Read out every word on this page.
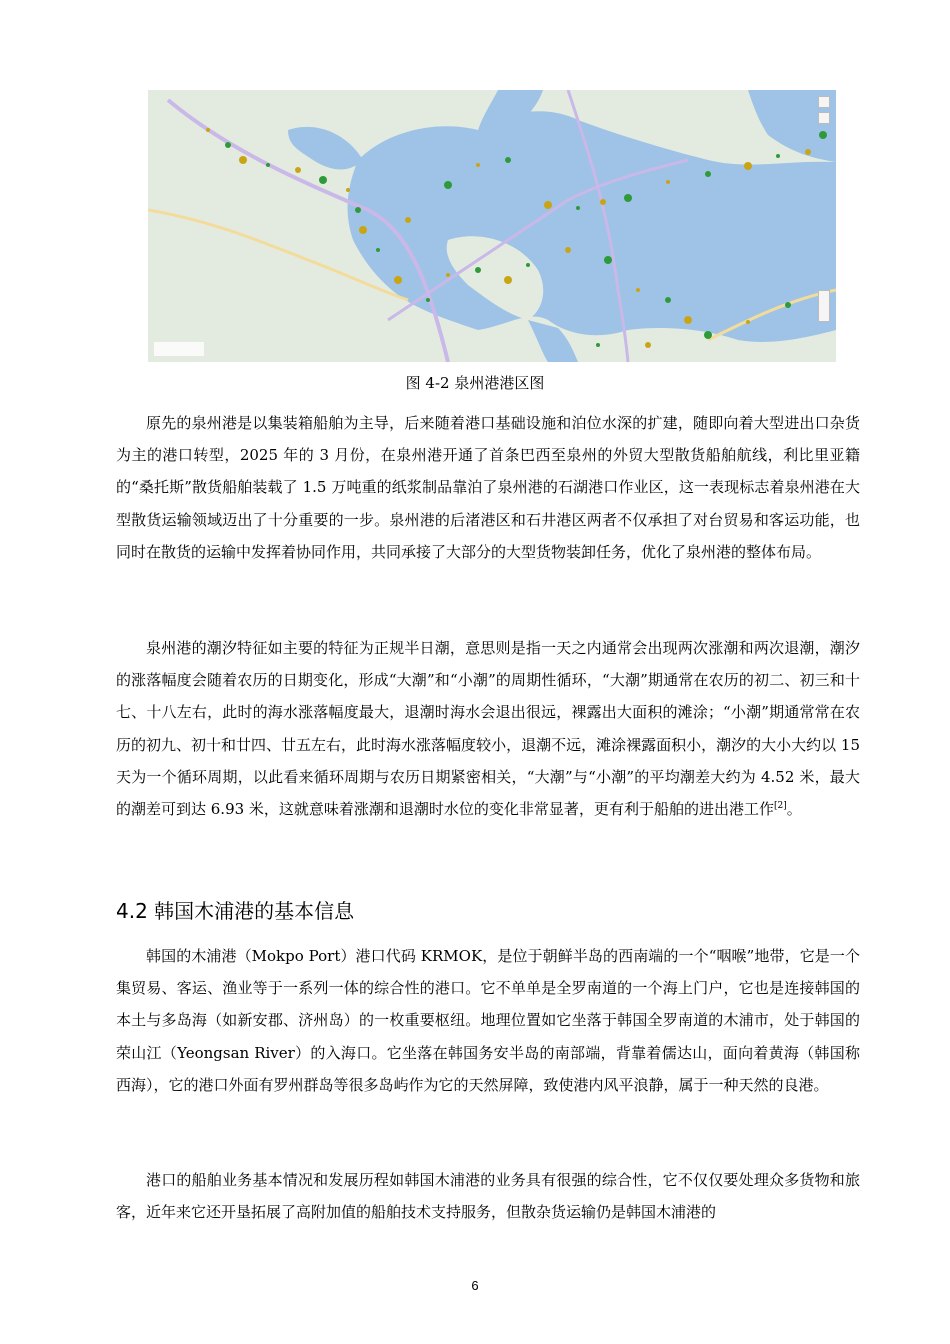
图 4-2 泉州港港区图

原先的泉州港是以集装箱船舶为主导，后来随着港口基础设施和泊位水深的扩建，随即向着大型进出口杂货为主的港口转型，2025 年的 3 月份，在泉州港开通了首条巴西至泉州的外贸大型散货船舶航线，利比里亚籍的“桑托斯”散货船舶装载了 1.5 万吨重的纸浆制品靠泊了泉州港的石湖港口作业区，这一表现标志着泉州港在大型散货运输领域迈出了十分重要的一步。泉州港的后渚港区和石井港区两者不仅承担了对台贸易和客运功能，也同时在散货的运输中发挥着协同作用，共同承接了大部分的大型货物装卸任务，优化了泉州港的整体布局。

泉州港的潮汐特征如主要的特征为正规半日潮，意思则是指一天之内通常会出现两次涨潮和两次退潮，潮汐的涨落幅度会随着农历的日期变化，形成“大潮”和“小潮”的周期性循环，“大潮”期通常在农历的初二、初三和十七、十八左右，此时的海水涨落幅度最大，退潮时海水会退出很远，裸露出大面积的滩涂；“小潮”期通常常在农历的初九、初十和廿四、廿五左右，此时海水涨落幅度较小，退潮不远，滩涂裸露面积小，潮汐的大小大约以 15 天为一个循环周期，以此看来循环周期与农历日期紧密相关，“大潮”与“小潮”的平均潮差大约为 4.52 米，最大的潮差可到达 6.93 米，这就意味着涨潮和退潮时水位的变化非常显著，更有利于船舶的进出港工作[2]。

4.2 韩国木浦港的基本信息

韩国的木浦港（Mokpo Port）港口代码 KRMOK，是位于朝鲜半岛的西南端的一个“咽喉”地带，它是一个集贸易、客运、渔业等于一系列一体的综合性的港口。它不单单是全罗南道的一个海上门户，它也是连接韩国的本土与多岛海（如新安郡、济州岛）的一枚重要枢纽。地理位置如它坐落于韩国全罗南道的木浦市，处于韩国的荣山江（Yeongsan River）的入海口。它坐落在韩国务安半岛的南部端，背靠着儒达山，面向着黄海（韩国称西海），它的港口外面有罗州群岛等很多岛屿作为它的天然屏障，致使港内风平浪静，属于一种天然的良港。

港口的船舶业务基本情况和发展历程如韩国木浦港的业务具有很强的综合性，它不仅仅要处理众多货物和旅客，近年来它还开垦拓展了高附加值的船舶技术支持服务，但散杂货运输仍是韩国木浦港的

6
